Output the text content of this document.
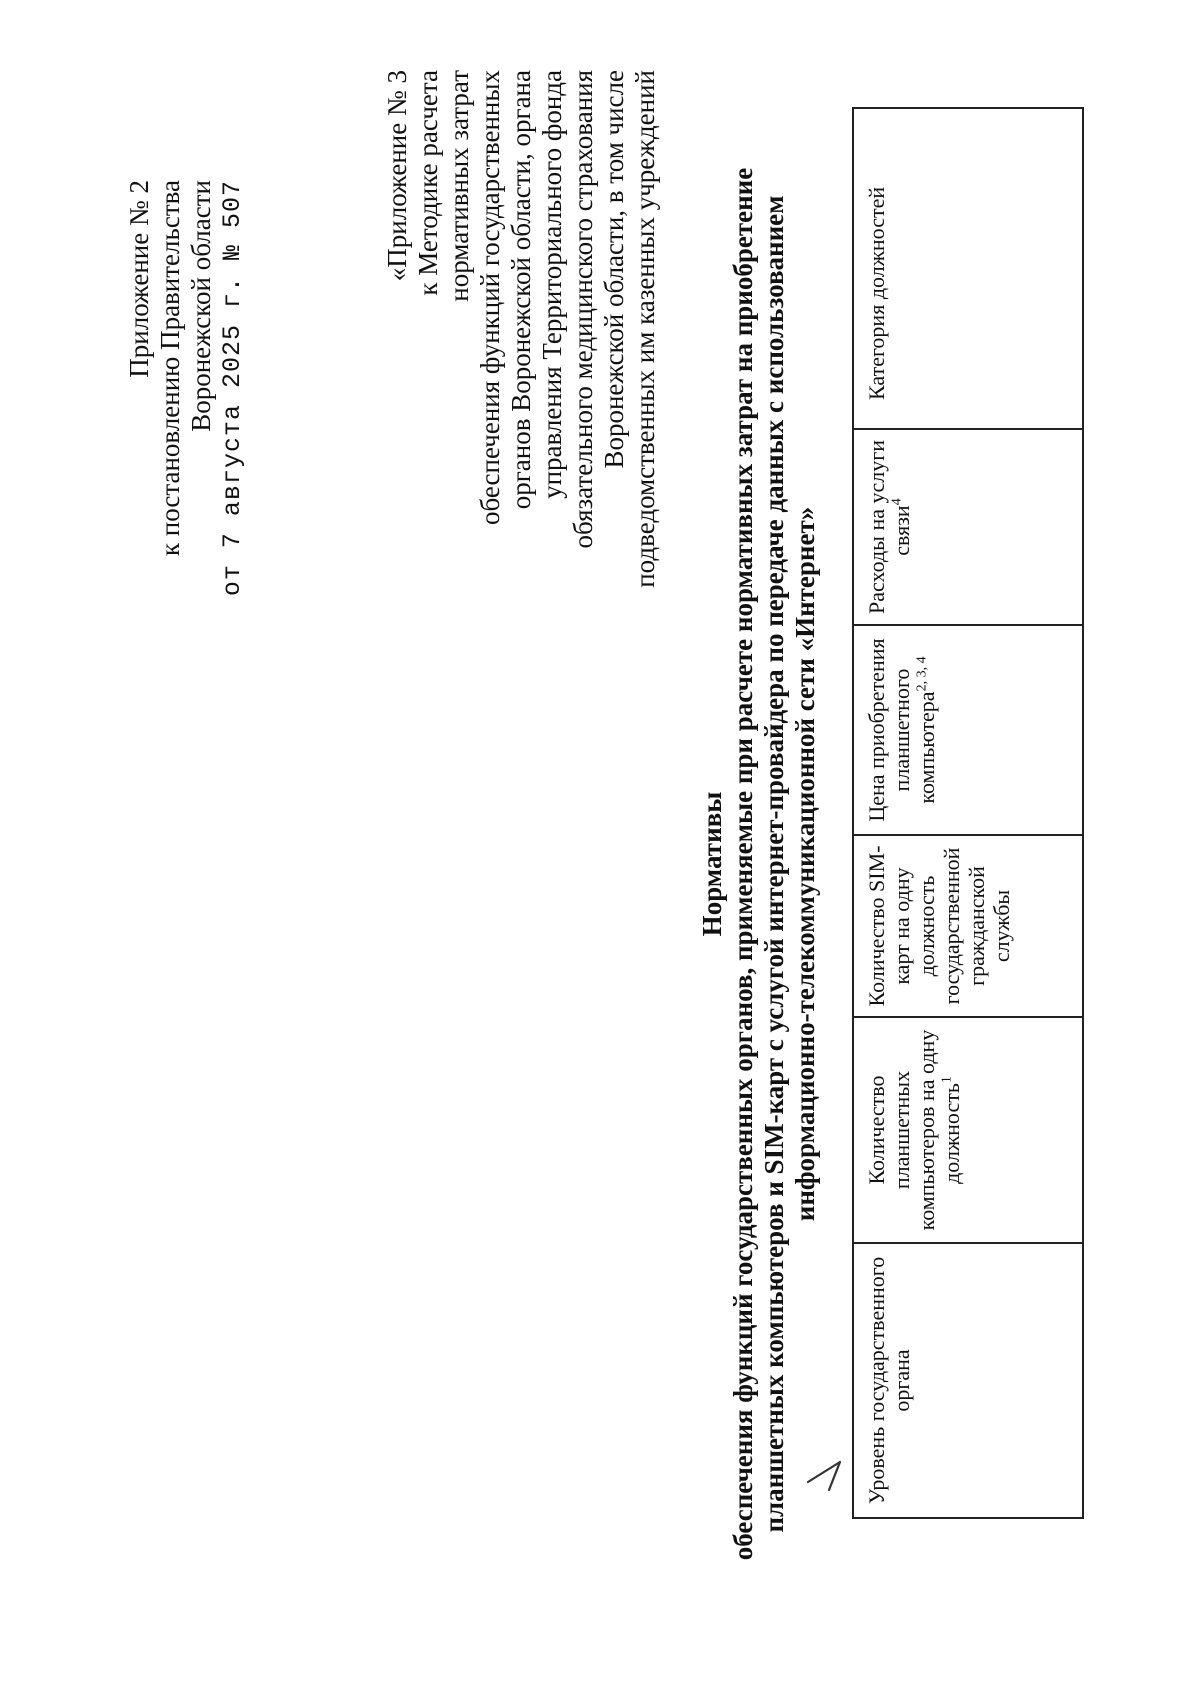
Приложение № 2 к постановлению Правительства Воронежской области от 7 августа 2025 г. № 507
«Приложение № 3 к Методике расчета нормативных затрат обеспечения функций государственных органов Воронежской области, органа управления Территориального фонда обязательного медицинского страхования Воронежской области, в том числе подведомственных им казенных учреждений
Нормативы обеспечения функций государственных органов, применяемые при расчете нормативных затрат на приобретение планшетных компьютеров и SIM-карт с услугой интернет-провайдера по передаче данных с использованием информационно-телекоммуникационной сети «Интернет»
Уровень государственного органа	Количество планшетных компьютеров на одну должность$^1$	Количество SIM-карт на одну должность государственной гражданской службы	Цена приобретения планшетного компьютера$^{2, 3, 4}$	Расходы на услуги связи$^4$	Категория должностей
